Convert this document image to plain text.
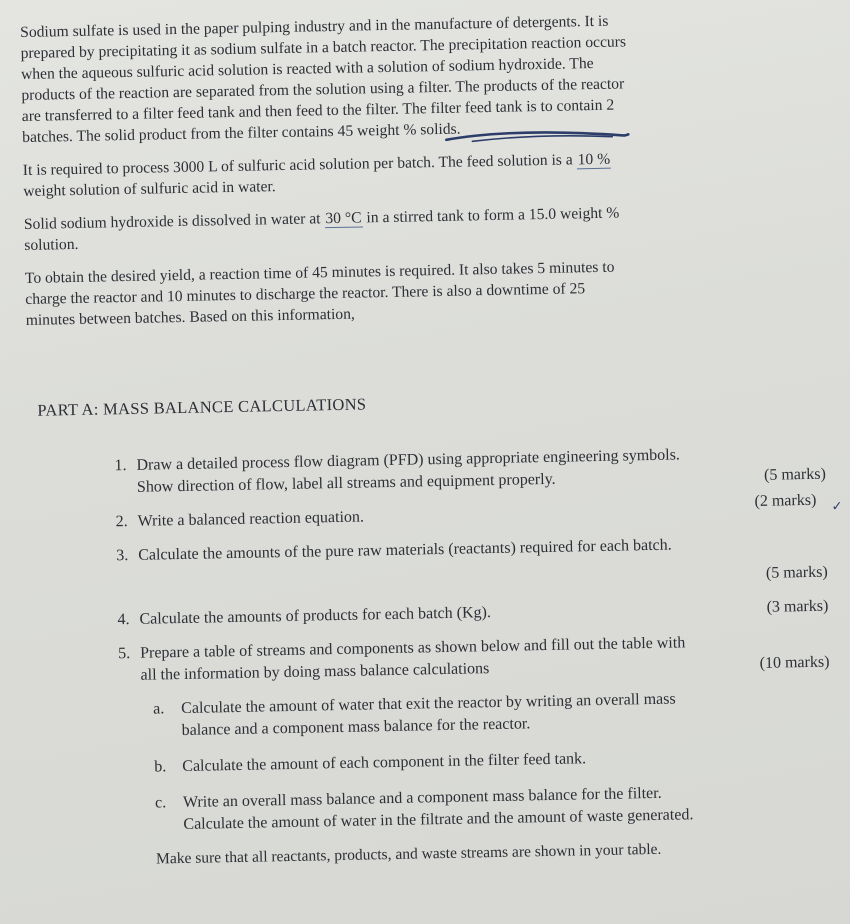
Sodium sulfate is used in the paper pulping industry and in the manufacture of detergents. It is
prepared by precipitating it as sodium sulfate in a batch reactor. The precipitation reaction occurs
when the aqueous sulfuric acid solution is reacted with a solution of sodium hydroxide. The
products of the reaction are separated from the solution using a filter. The products of the reactor
are transferred to a filter feed tank and then feed to the filter. The filter feed tank is to contain 2
batches. The solid product from the filter contains 45 weight % solids.
It is required to process 3000 L of sulfuric acid solution per batch. The feed solution is a 10 %
weight solution of sulfuric acid in water.
Solid sodium hydroxide is dissolved in water at 30 °C in a stirred tank to form a 15.0 weight %
solution.
To obtain the desired yield, a reaction time of 45 minutes is required. It also takes 5 minutes to
charge the reactor and 10 minutes to discharge the reactor. There is also a downtime of 25
minutes between batches. Based on this information,
PART A: MASS BALANCE CALCULATIONS
1. Draw a detailed process flow diagram (PFD) using appropriate engineering symbols.
Show direction of flow, label all streams and equipment properly.	(5 marks)
2. Write a balanced reaction equation.
(2 marks) ✓
3. Calculate the amounts of the pure raw materials (reactants) required for each batch.
(5 marks)
4. Calculate the amounts of products for each batch (Kg).	(3 marks)
5. Prepare a table of streams and components as shown below and fill out the table with
all the information by doing mass balance calculations	(10 marks)
a. Calculate the amount of water that exit the reactor by writing an overall mass
balance and a component mass balance for the reactor.
b. Calculate the amount of each component in the filter feed tank.
c. Write an overall mass balance and a component mass balance for the filter.
Calculate the amount of water in the filtrate and the amount of waste generated.
Make sure that all reactants, products, and waste streams are shown in your table.
